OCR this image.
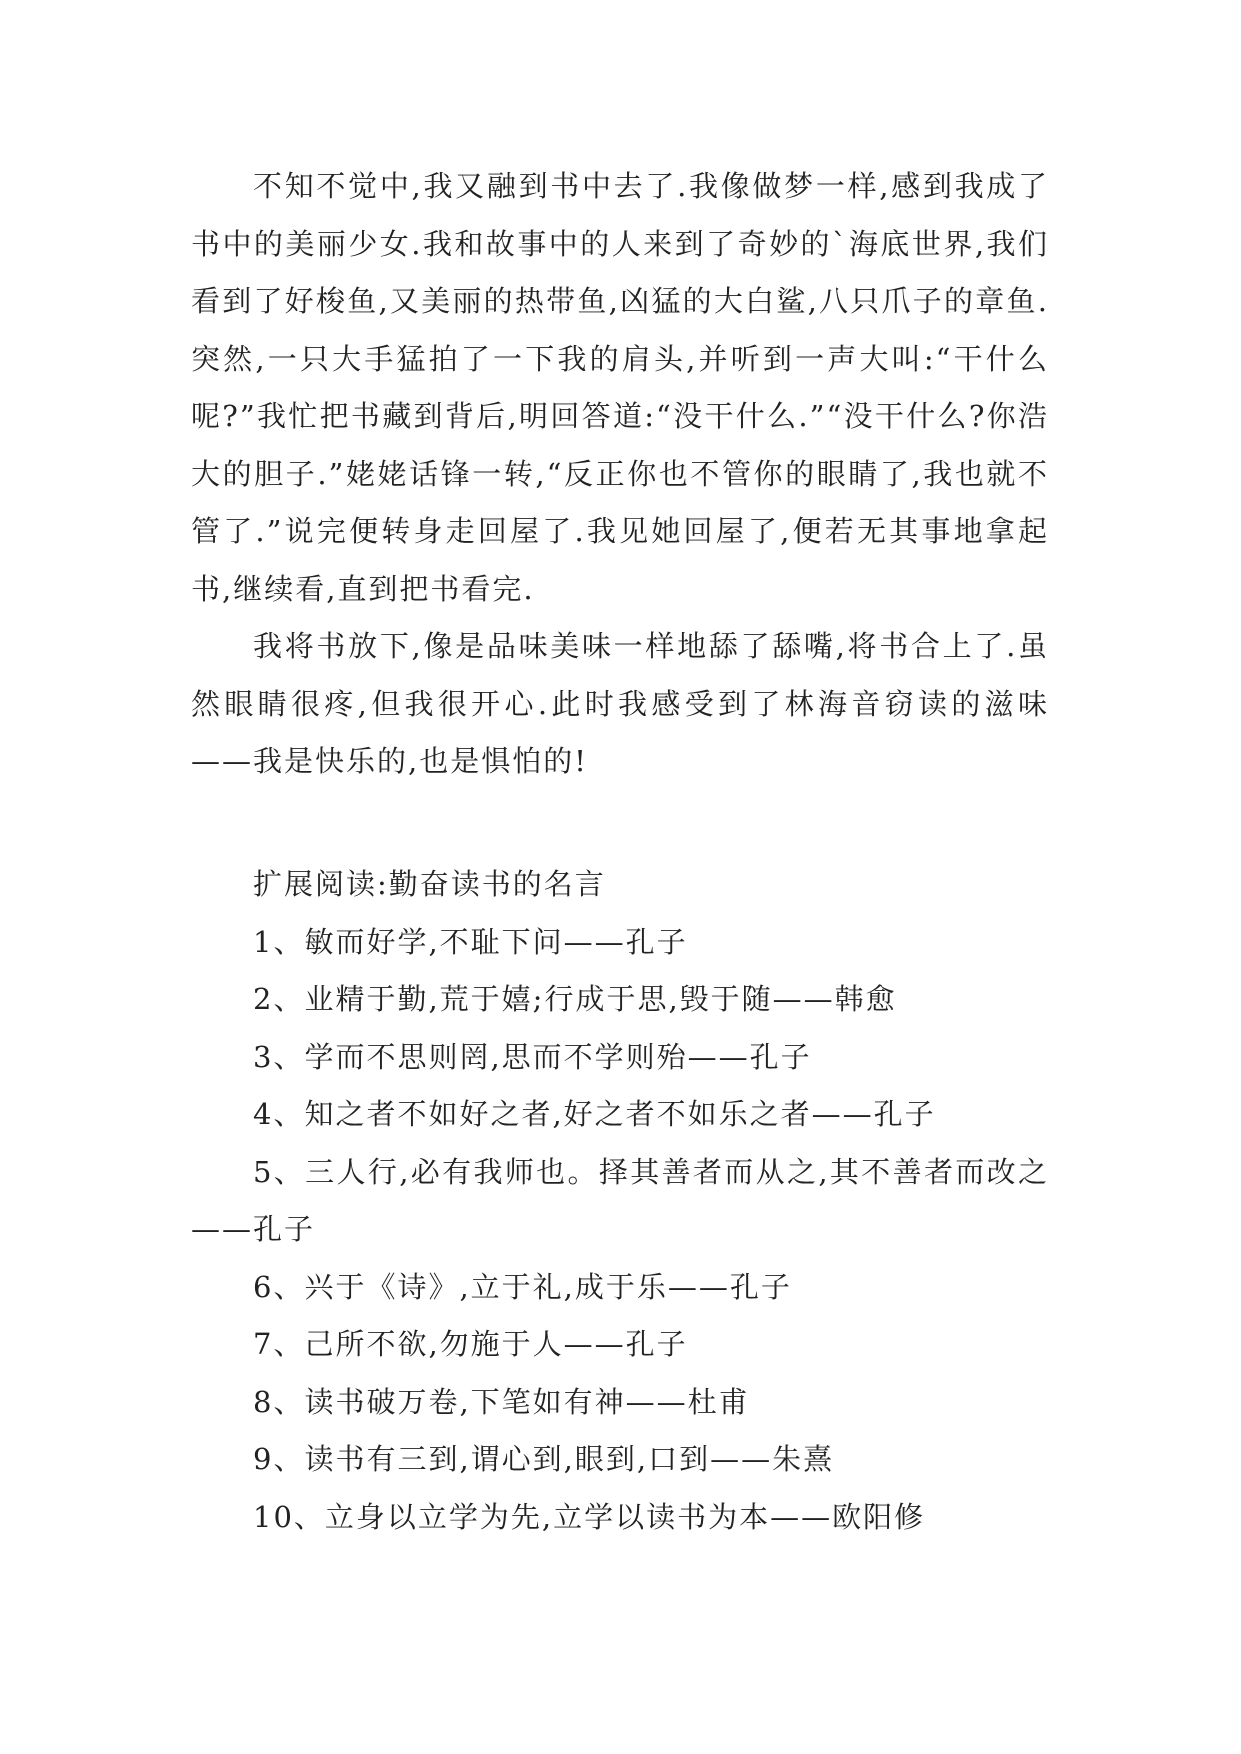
不知不觉中,我又融到书中去了.我像做梦一样,感到我成了书中的美丽少女.我和故事中的人来到了奇妙的`海底世界,我们看到了好梭鱼,又美丽的热带鱼,凶猛的大白鲨,八只爪子的章鱼.突然,一只大手猛拍了一下我的肩头,并听到一声大叫:“干什么呢?”我忙把书藏到背后,明回答道:“没干什么.”“没干什么?你浩大的胆子.”姥姥话锋一转,“反正你也不管你的眼睛了,我也就不管了.”说完便转身走回屋了.我见她回屋了,便若无其事地拿起书,继续看,直到把书看完.

我将书放下,像是品味美味一样地舔了舔嘴,将书合上了.虽然眼睛很疼,但我很开心.此时我感受到了林海音窃读的滋味——我是快乐的,也是惧怕的!

扩展阅读:勤奋读书的名言

1、敏而好学,不耻下问——孔子

2、业精于勤,荒于嬉;行成于思,毁于随——韩愈

3、学而不思则罔,思而不学则殆——孔子

4、知之者不如好之者,好之者不如乐之者——孔子

5、三人行,必有我师也。择其善者而从之,其不善者而改之——孔子

6、兴于《诗》,立于礼,成于乐——孔子

7、己所不欲,勿施于人——孔子

8、读书破万卷,下笔如有神——杜甫

9、读书有三到,谓心到,眼到,口到——朱熹

10、立身以立学为先,立学以读书为本——欧阳修
